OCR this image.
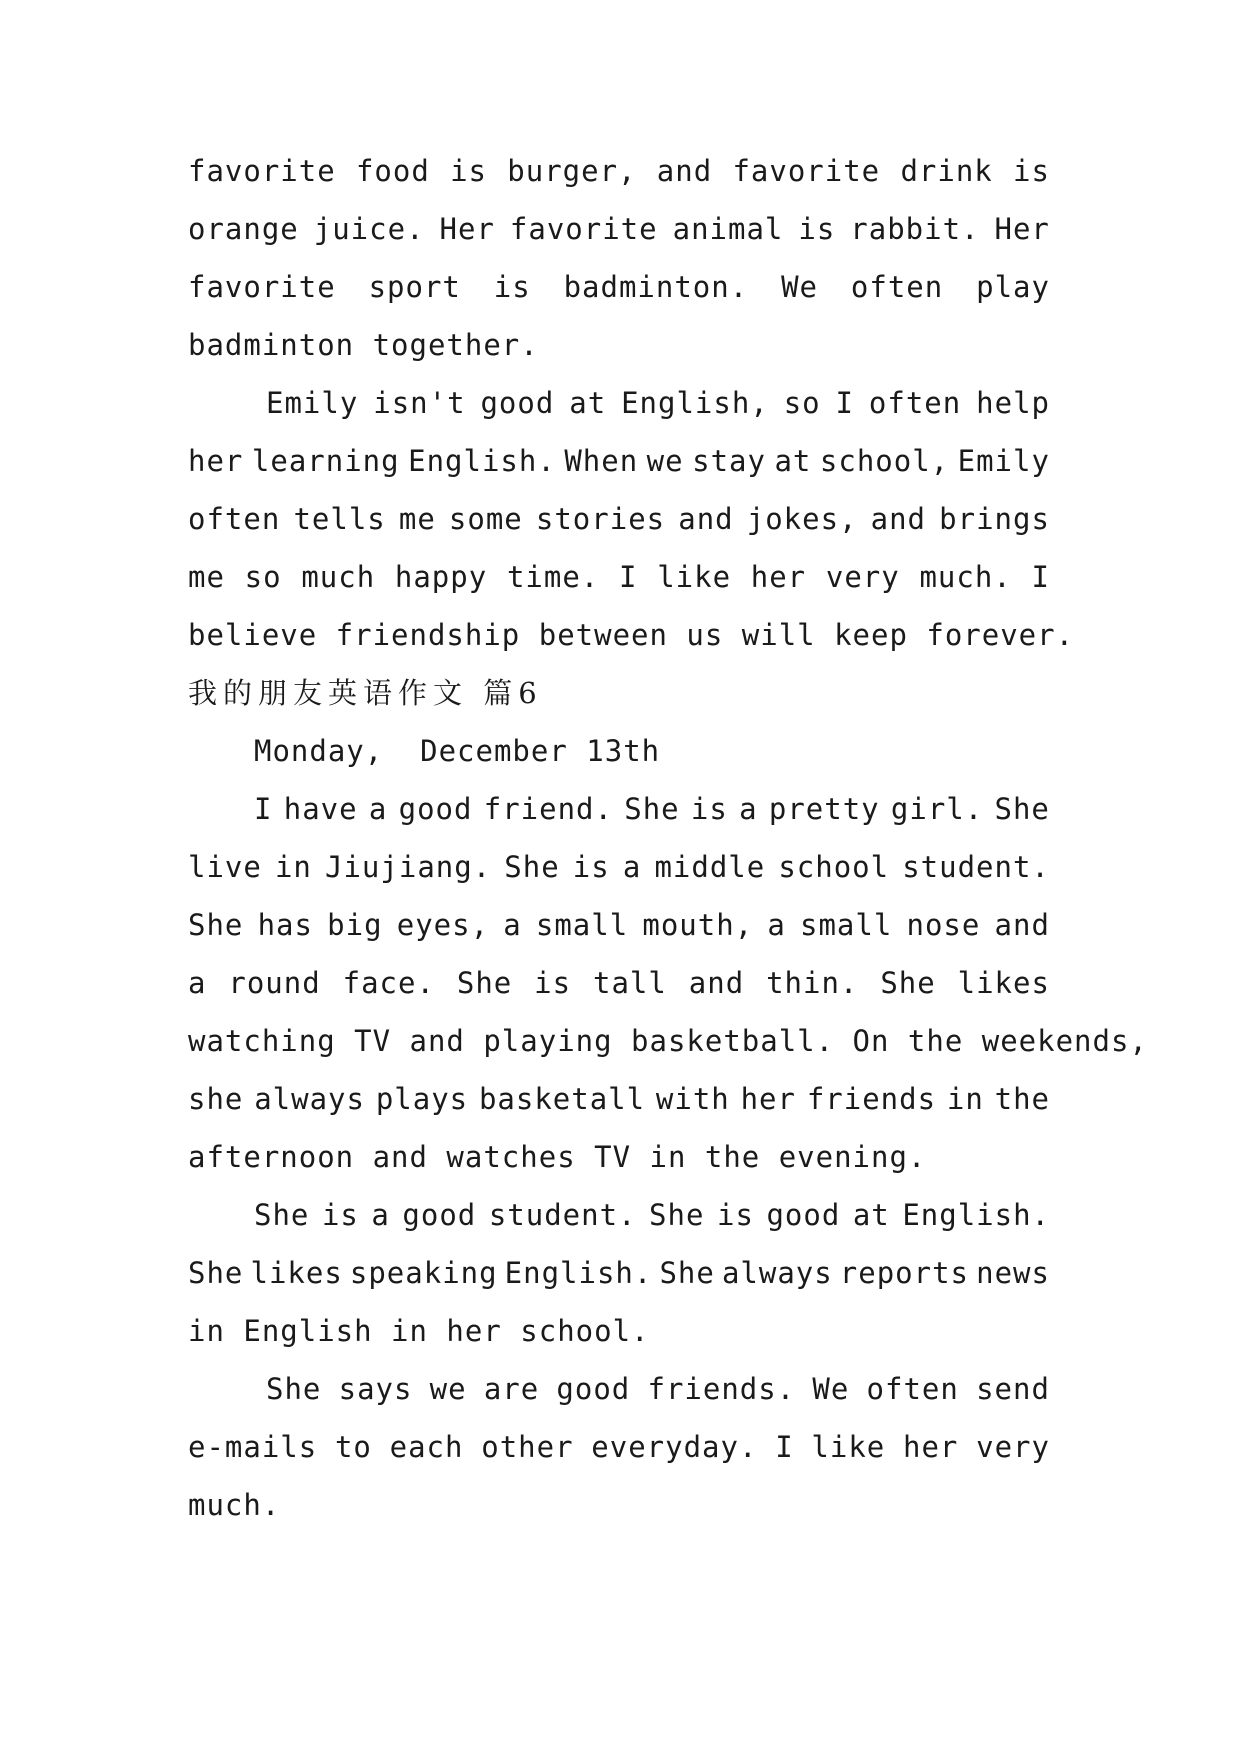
favorite food is burger, and favorite drink is
orange juice. Her favorite animal is rabbit. Her
favorite sport is badminton. We often play
badminton together.
Emily isn't good at English, so I often help
her learning English. When we stay at school, Emily
often tells me some stories and jokes, and brings
me so much happy time. I like her very much. I
believe friendship between us will keep forever.
我的朋友英语作文 篇6
Monday,  December 13th
I have a good friend. She is a pretty girl. She
live in Jiujiang. She is a middle school student.
She has big eyes, a small mouth, a small nose and
a round face. She is tall and thin. She likes
watching TV and playing basketball. On the weekends,
she always plays basketall with her friends in the
afternoon and watches TV in the evening.
She is a good student. She is good at English.
She likes speaking English. She always reports news
in English in her school.
She says we are good friends. We often send
e-mails to each other everyday. I like her very
much.
